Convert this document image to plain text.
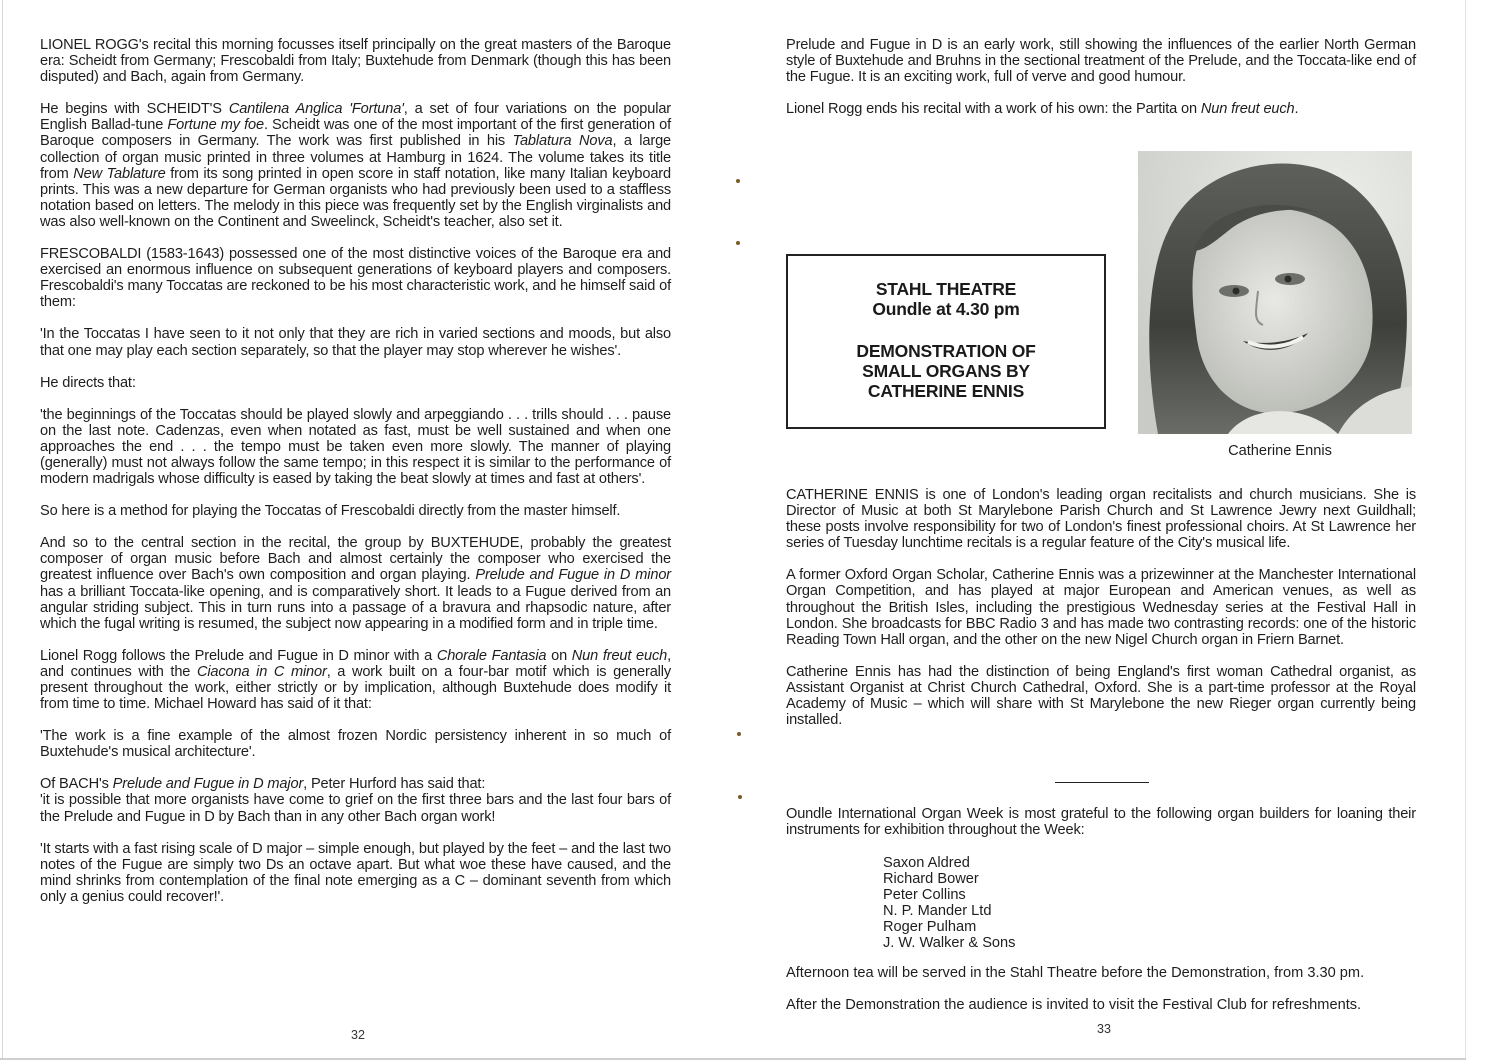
LIONEL ROGG's recital this morning focusses itself principally on the great masters of the Baroque era: Scheidt from Germany; Frescobaldi from Italy; Buxtehude from Denmark (though this has been disputed) and Bach, again from Germany.

He begins with SCHEIDT'S Cantilena Anglica 'Fortuna', a set of four variations on the popular English Ballad-tune Fortune my foe. Scheidt was one of the most important of the first generation of Baroque composers in Germany. The work was first published in his Tablatura Nova, a large collection of organ music printed in three volumes at Hamburg in 1624. The volume takes its title from New Tablature from its song printed in open score in staff notation, like many Italian keyboard prints. This was a new departure for German organists who had previously been used to a staffless notation based on letters. The melody in this piece was frequently set by the English virginalists and was also well-known on the Continent and Sweelinck, Scheidt's teacher, also set it.

FRESCOBALDI (1583-1643) possessed one of the most distinctive voices of the Baroque era and exercised an enormous influence on subsequent generations of keyboard players and composers. Frescobaldi's many Toccatas are reckoned to be his most characteristic work, and he himself said of them:

'In the Toccatas I have seen to it not only that they are rich in varied sections and moods, but also that one may play each section separately, so that the player may stop wherever he wishes'.

He directs that:

'the beginnings of the Toccatas should be played slowly and arpeggiando . . . trills should . . . pause on the last note. Cadenzas, even when notated as fast, must be well sustained and when one approaches the end . . . the tempo must be taken even more slowly. The manner of playing (generally) must not always follow the same tempo; in this respect it is similar to the performance of modern madrigals whose difficulty is eased by taking the beat slowly at times and fast at others'.

So here is a method for playing the Toccatas of Frescobaldi directly from the master himself.

And so to the central section in the recital, the group by BUXTEHUDE, probably the greatest composer of organ music before Bach and almost certainly the composer who exercised the greatest influence over Bach's own composition and organ playing. Prelude and Fugue in D minor has a brilliant Toccata-like opening, and is comparatively short. It leads to a Fugue derived from an angular striding subject. This in turn runs into a passage of a bravura and rhapsodic nature, after which the fugal writing is resumed, the subject now appearing in a modified form and in triple time.

Lionel Rogg follows the Prelude and Fugue in D minor with a Chorale Fantasia on Nun freut euch, and continues with the Ciacona in C minor, a work built on a four-bar motif which is generally present throughout the work, either strictly or by implication, although Buxtehude does modify it from time to time. Michael Howard has said of it that:

'The work is a fine example of the almost frozen Nordic persistency inherent in so much of Buxtehude's musical architecture'.

Of BACH's Prelude and Fugue in D major, Peter Hurford has said that:

'it is possible that more organists have come to grief on the first three bars and the last four bars of the Prelude and Fugue in D by Bach than in any other Bach organ work!

'It starts with a fast rising scale of D major – simple enough, but played by the feet – and the last two notes of the Fugue are simply two Ds an octave apart. But what woe these have caused, and the mind shrinks from contemplation of the final note emerging as a C – dominant seventh from which only a genius could recover!'.

32

Prelude and Fugue in D is an early work, still showing the influences of the earlier North German style of Buxtehude and Bruhns in the sectional treatment of the Prelude, and the Toccata-like end of the Fugue. It is an exciting work, full of verve and good humour.

Lionel Rogg ends his recital with a work of his own: the Partita on Nun freut euch.

STAHL THEATRE
Oundle at 4.30 pm
DEMONSTRATION OF
SMALL ORGANS BY
CATHERINE ENNIS
Catherine Ennis

CATHERINE ENNIS is one of London's leading organ recitalists and church musicians. She is Director of Music at both St Marylebone Parish Church and St Lawrence Jewry next Guildhall; these posts involve responsibility for two of London's finest professional choirs. At St Lawrence her series of Tuesday lunchtime recitals is a regular feature of the City's musical life.

A former Oxford Organ Scholar, Catherine Ennis was a prizewinner at the Manchester International Organ Competition, and has played at major European and American venues, as well as throughout the British Isles, including the prestigious Wednesday series at the Festival Hall in London. She broadcasts for BBC Radio 3 and has made two contrasting records: one of the historic Reading Town Hall organ, and the other on the new Nigel Church organ in Friern Barnet.

Catherine Ennis has had the distinction of being England's first woman Cathedral organist, as Assistant Organist at Christ Church Cathedral, Oxford. She is a part-time professor at the Royal Academy of Music – which will share with St Marylebone the new Rieger organ currently being installed.

Oundle International Organ Week is most grateful to the following organ builders for loaning their instruments for exhibition throughout the Week:

Saxon Aldred
Richard Bower
Peter Collins
N. P. Mander Ltd
Roger Pulham
J. W. Walker & Sons

Afternoon tea will be served in the Stahl Theatre before the Demonstration, from 3.30 pm.

After the Demonstration the audience is invited to visit the Festival Club for refreshments.

33
